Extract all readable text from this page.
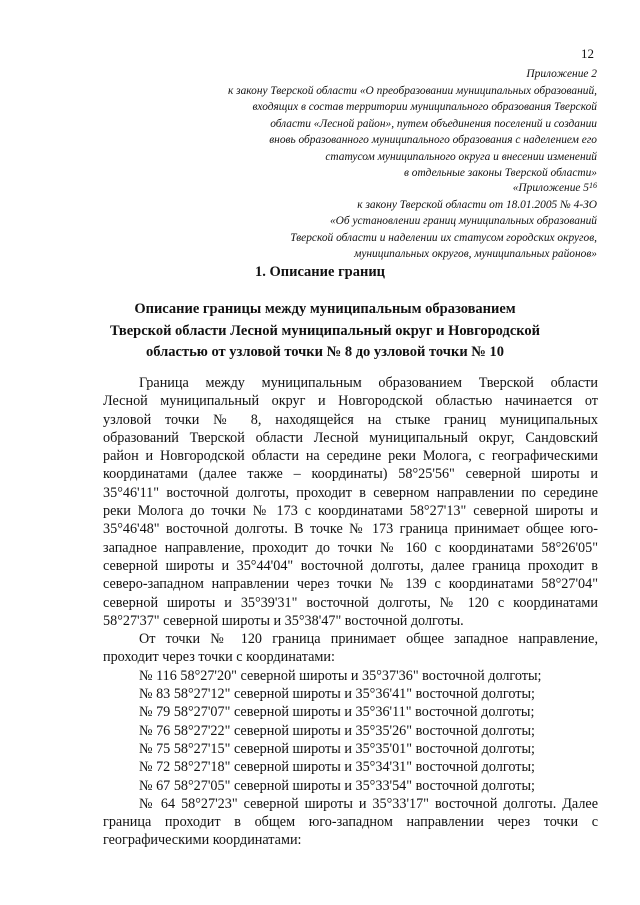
12
Приложение 2
к закону Тверской области «О преобразовании муниципальных образований,
входящих в состав территории муниципального образования Тверской
области «Лесной район», путем объединения поселений и создании
вновь образованного муниципального образования с наделением его
статусом муниципального округа и внесении изменений
в отдельные законы Тверской области»
«Приложение $5^{16}$
к закону Тверской области от 18.01.2005 № 4-ЗО
«Об установлении границ муниципальных образований
Тверской области и наделении их статусом городских округов,
муниципальных округов, муниципальных районов»
1. Описание границ
Описание границы между муниципальным образованием
Тверской области Лесной муниципальный округ и Новгородской
областью от узловой точки № 8 до узловой точки № 10
Граница между муниципальным образованием Тверской области
Лесной муниципальный округ и Новгородской областью начинается от
узловой точки № 8, находящейся на стыке границ муниципальных
образований Тверской области Лесной муниципальный округ, Сандовский
район и Новгородской области на середине реки Молога, с географическими
координатами (далее также – координаты) 58°25'56" северной широты и
35°46'11" восточной долготы, проходит в северном направлении по середине
реки Молога до точки № 173 с координатами 58°27'13" северной широты и
35°46'48" восточной долготы. В точке № 173 граница принимает общее юго-
западное направление, проходит до точки № 160 с координатами 58°26'05"
северной широты и 35°44'04" восточной долготы, далее граница проходит в
северо-западном направлении через точки № 139 с координатами 58°27'04"
северной широты и 35°39'31" восточной долготы, № 120 с координатами
58°27'37" северной широты и 35°38'47" восточной долготы.
От точки № 120 граница принимает общее западное направление,
проходит через точки с координатами:
№ 116 58°27'20" северной широты и 35°37'36" восточной долготы;
№ 83 58°27'12" северной широты и 35°36'41" восточной долготы;
№ 79 58°27'07" северной широты и 35°36'11" восточной долготы;
№ 76 58°27'22" северной широты и 35°35'26" восточной долготы;
№ 75 58°27'15" северной широты и 35°35'01" восточной долготы;
№ 72 58°27'18" северной широты и 35°34'31" восточной долготы;
№ 67 58°27'05" северной широты и 35°33'54" восточной долготы;
№ 64 58°27'23" северной широты и 35°33'17" восточной долготы. Далее
граница проходит в общем юго-западном направлении через точки с
географическими координатами:
